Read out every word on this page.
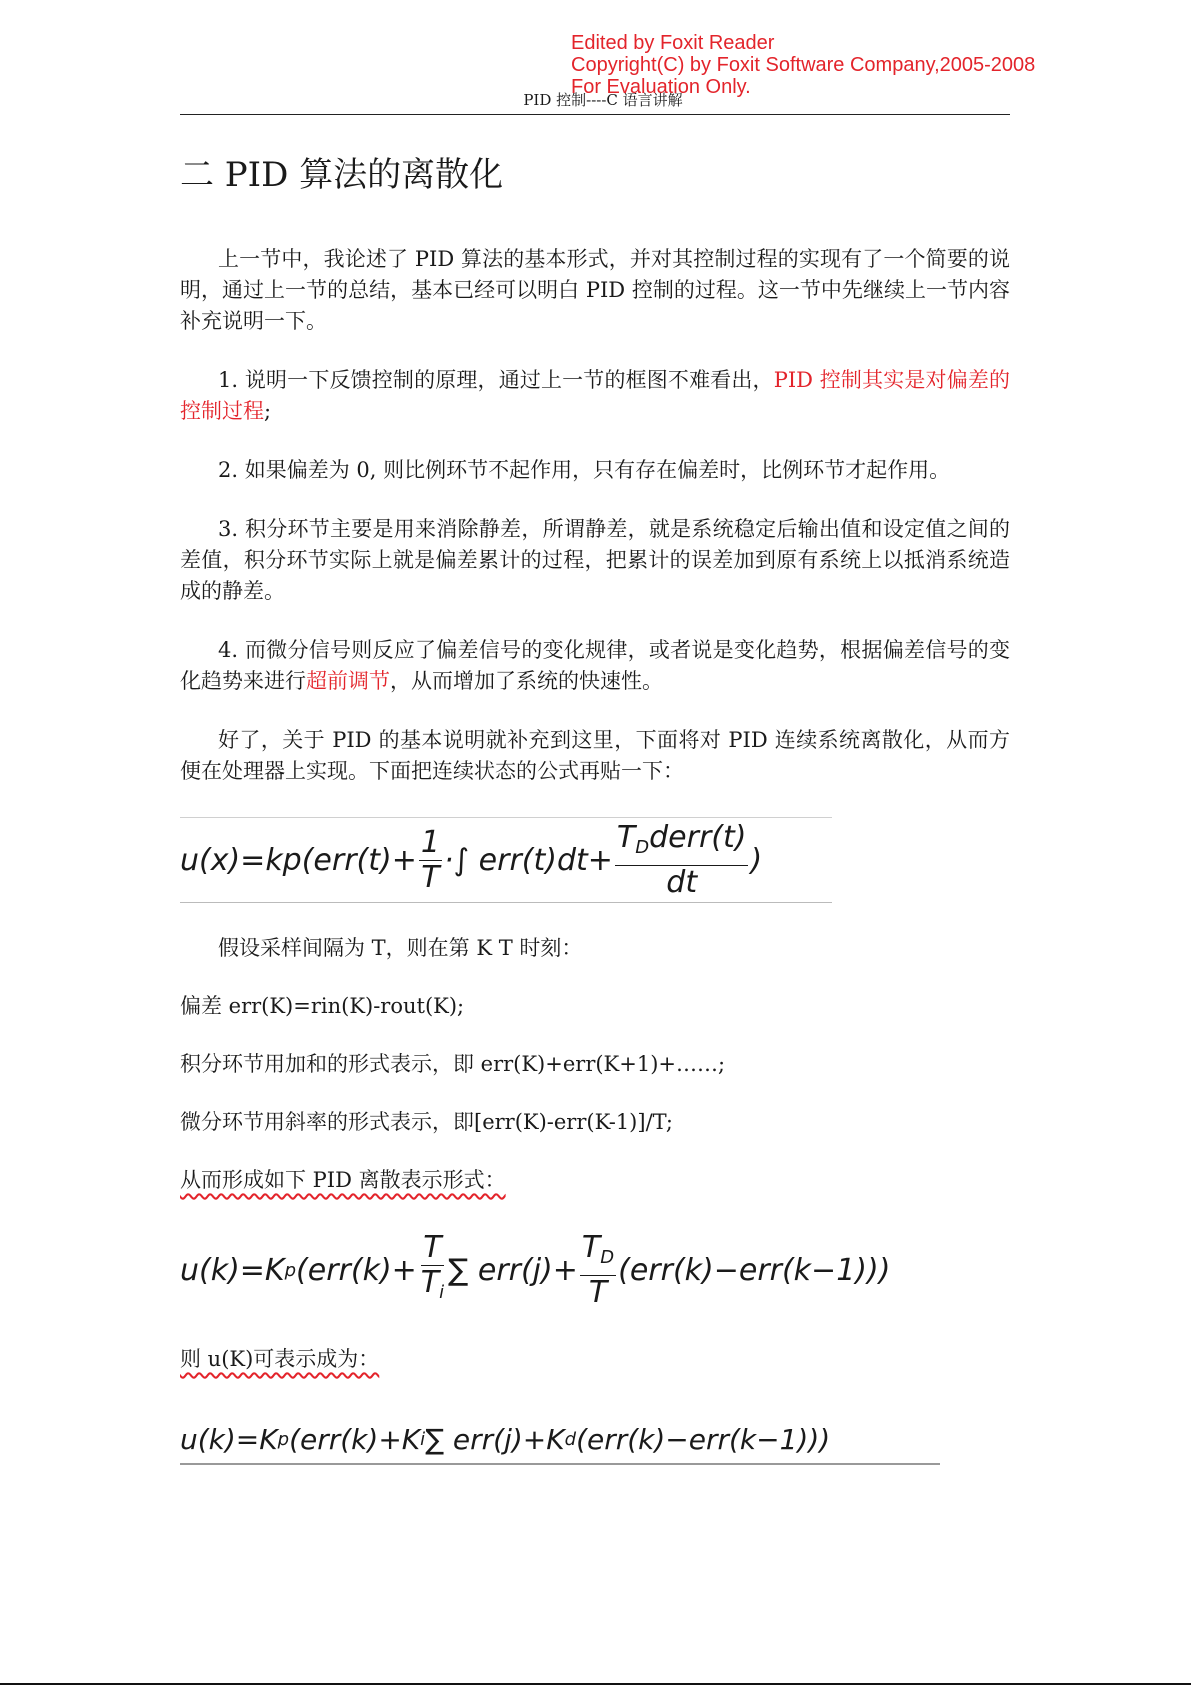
Edited by Foxit Reader
Copyright(C) by Foxit Software Company,2005-2008
For Evaluation Only.
PID 控制----C 语言讲解
二 PID 算法的离散化

上一节中，我论述了 PID 算法的基本形式，并对其控制过程的实现有了一个简要的说明，通过上一节的总结，基本已经可以明白 PID 控制的过程。这一节中先继续上一节内容补充说明一下。

1. 说明一下反馈控制的原理，通过上一节的框图不难看出，PID 控制其实是对偏差的控制过程;

2. 如果偏差为 0, 则比例环节不起作用，只有存在偏差时，比例环节才起作用。

3. 积分环节主要是用来消除静差，所谓静差，就是系统稳定后输出值和设定值之间的差值，积分环节实际上就是偏差累计的过程，把累计的误差加到原有系统上以抵消系统造成的静差。

4. 而微分信号则反应了偏差信号的变化规律，或者说是变化趋势，根据偏差信号的变化趋势来进行超前调节，从而增加了系统的快速性。

好了，关于 PID 的基本说明就补充到这里，下面将对 PID 连续系统离散化，从而方便在处理器上实现。下面把连续状态的公式再贴一下：

$u(x)=kp(err(t)+ \frac{1}{T}$ ·∫ $err(t)dt+ \frac{T_Dderr(t)}{dt}$ )

假设采样间隔为 T，则在第 K T 时刻：

偏差 err(K)=rin(K)-rout(K);

积分环节用加和的形式表示，即 err(K)+err(K+1)+……;

微分环节用斜率的形式表示，即[err(K)-err(K-1)]/T;

从而形成如下 PID 离散表示形式：

u(k)=K p ($err(k)+ \frac{T}{T_i}$ ∑ $err(j)+ \frac{T_D}{T} (err(k)-err(k-1))$)

则 u(K)可表示成为：

u(k)=K p (err(k)+K i ∑ err(j)+K d (err(k)−err(k−1)))
